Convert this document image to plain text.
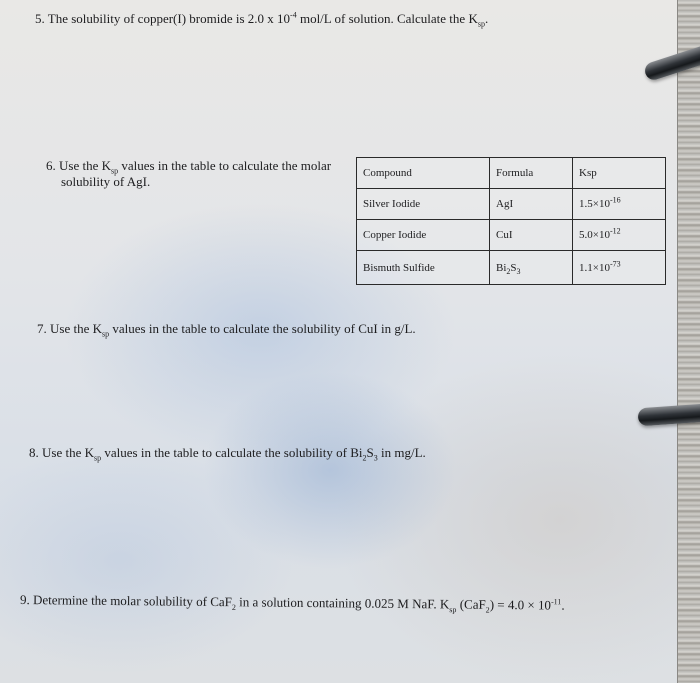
5. The solubility of copper(I) bromide is 2.0 x $10^{-4}$ mol/L of solution. Calculate the $K_{sp}$.
6. Use the $K_{sp}$ values in the table to calculate the molar
solubility of AgI.
Compound	Formula	Ksp
Silver Iodide	AgI	$1.5\times 10^{-16}$
Copper Iodide	CuI	$5.0\times 10^{-12}$
Bismuth Sulfide	$Bi_2S_3$	$1.1\times 10^{-73}$
7. Use the $K_{sp}$ values in the table to calculate the solubility of CuI in g/L.
8. Use the $K_{sp}$ values in the table to calculate the solubility of $Bi_2S_3$ in mg/L.
9. Determine the molar solubility of CaF$_2$ in a solution containing 0.025 M NaF. $K_{sp}$ $(CaF_2) = 4.0 \times 10^{-11}$.
